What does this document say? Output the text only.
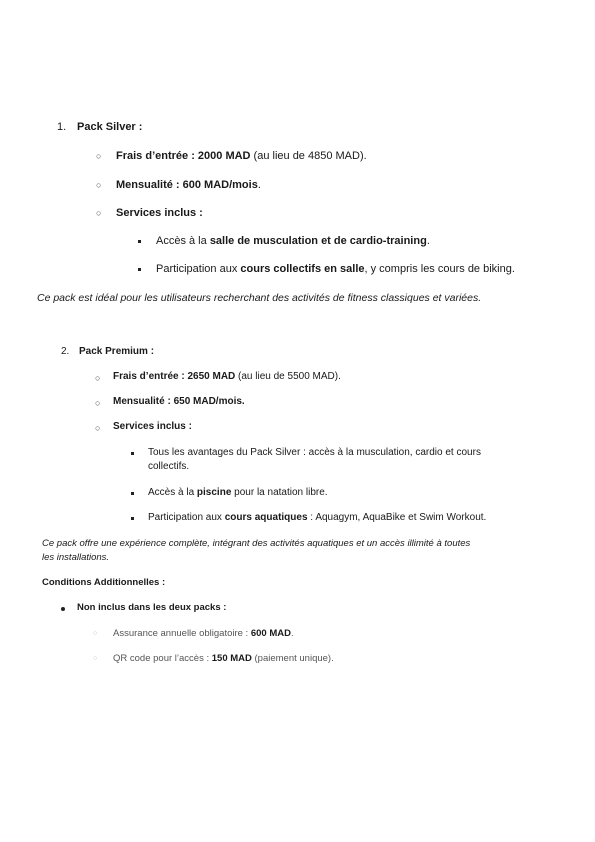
1. Pack Silver :
○ Frais d’entrée : 2000 MAD (au lieu de 4850 MAD).
○ Mensualité : 600 MAD/mois.
○ Services inclus :
Accès à la salle de musculation et de cardio-training.
Participation aux cours collectifs en salle, y compris les cours de biking.
Ce pack est idéal pour les utilisateurs recherchant des activités de fitness classiques et variées.
2. Pack Premium :
○ Frais d’entrée : 2650 MAD (au lieu de 5500 MAD).
○ Mensualité : 650 MAD/mois.
○ Services inclus :
Tous les avantages du Pack Silver : accès à la musculation, cardio et cours
collectifs.
Accès à la piscine pour la natation libre.
Participation aux cours aquatiques : Aquagym, AquaBike et Swim Workout.
Ce pack offre une expérience complète, intégrant des activités aquatiques et un accès illimité à toutes
les installations.
Conditions Additionnelles :
Non inclus dans les deux packs :
○ Assurance annuelle obligatoire : 600 MAD.
○ QR code pour l’accès : 150 MAD (paiement unique).
